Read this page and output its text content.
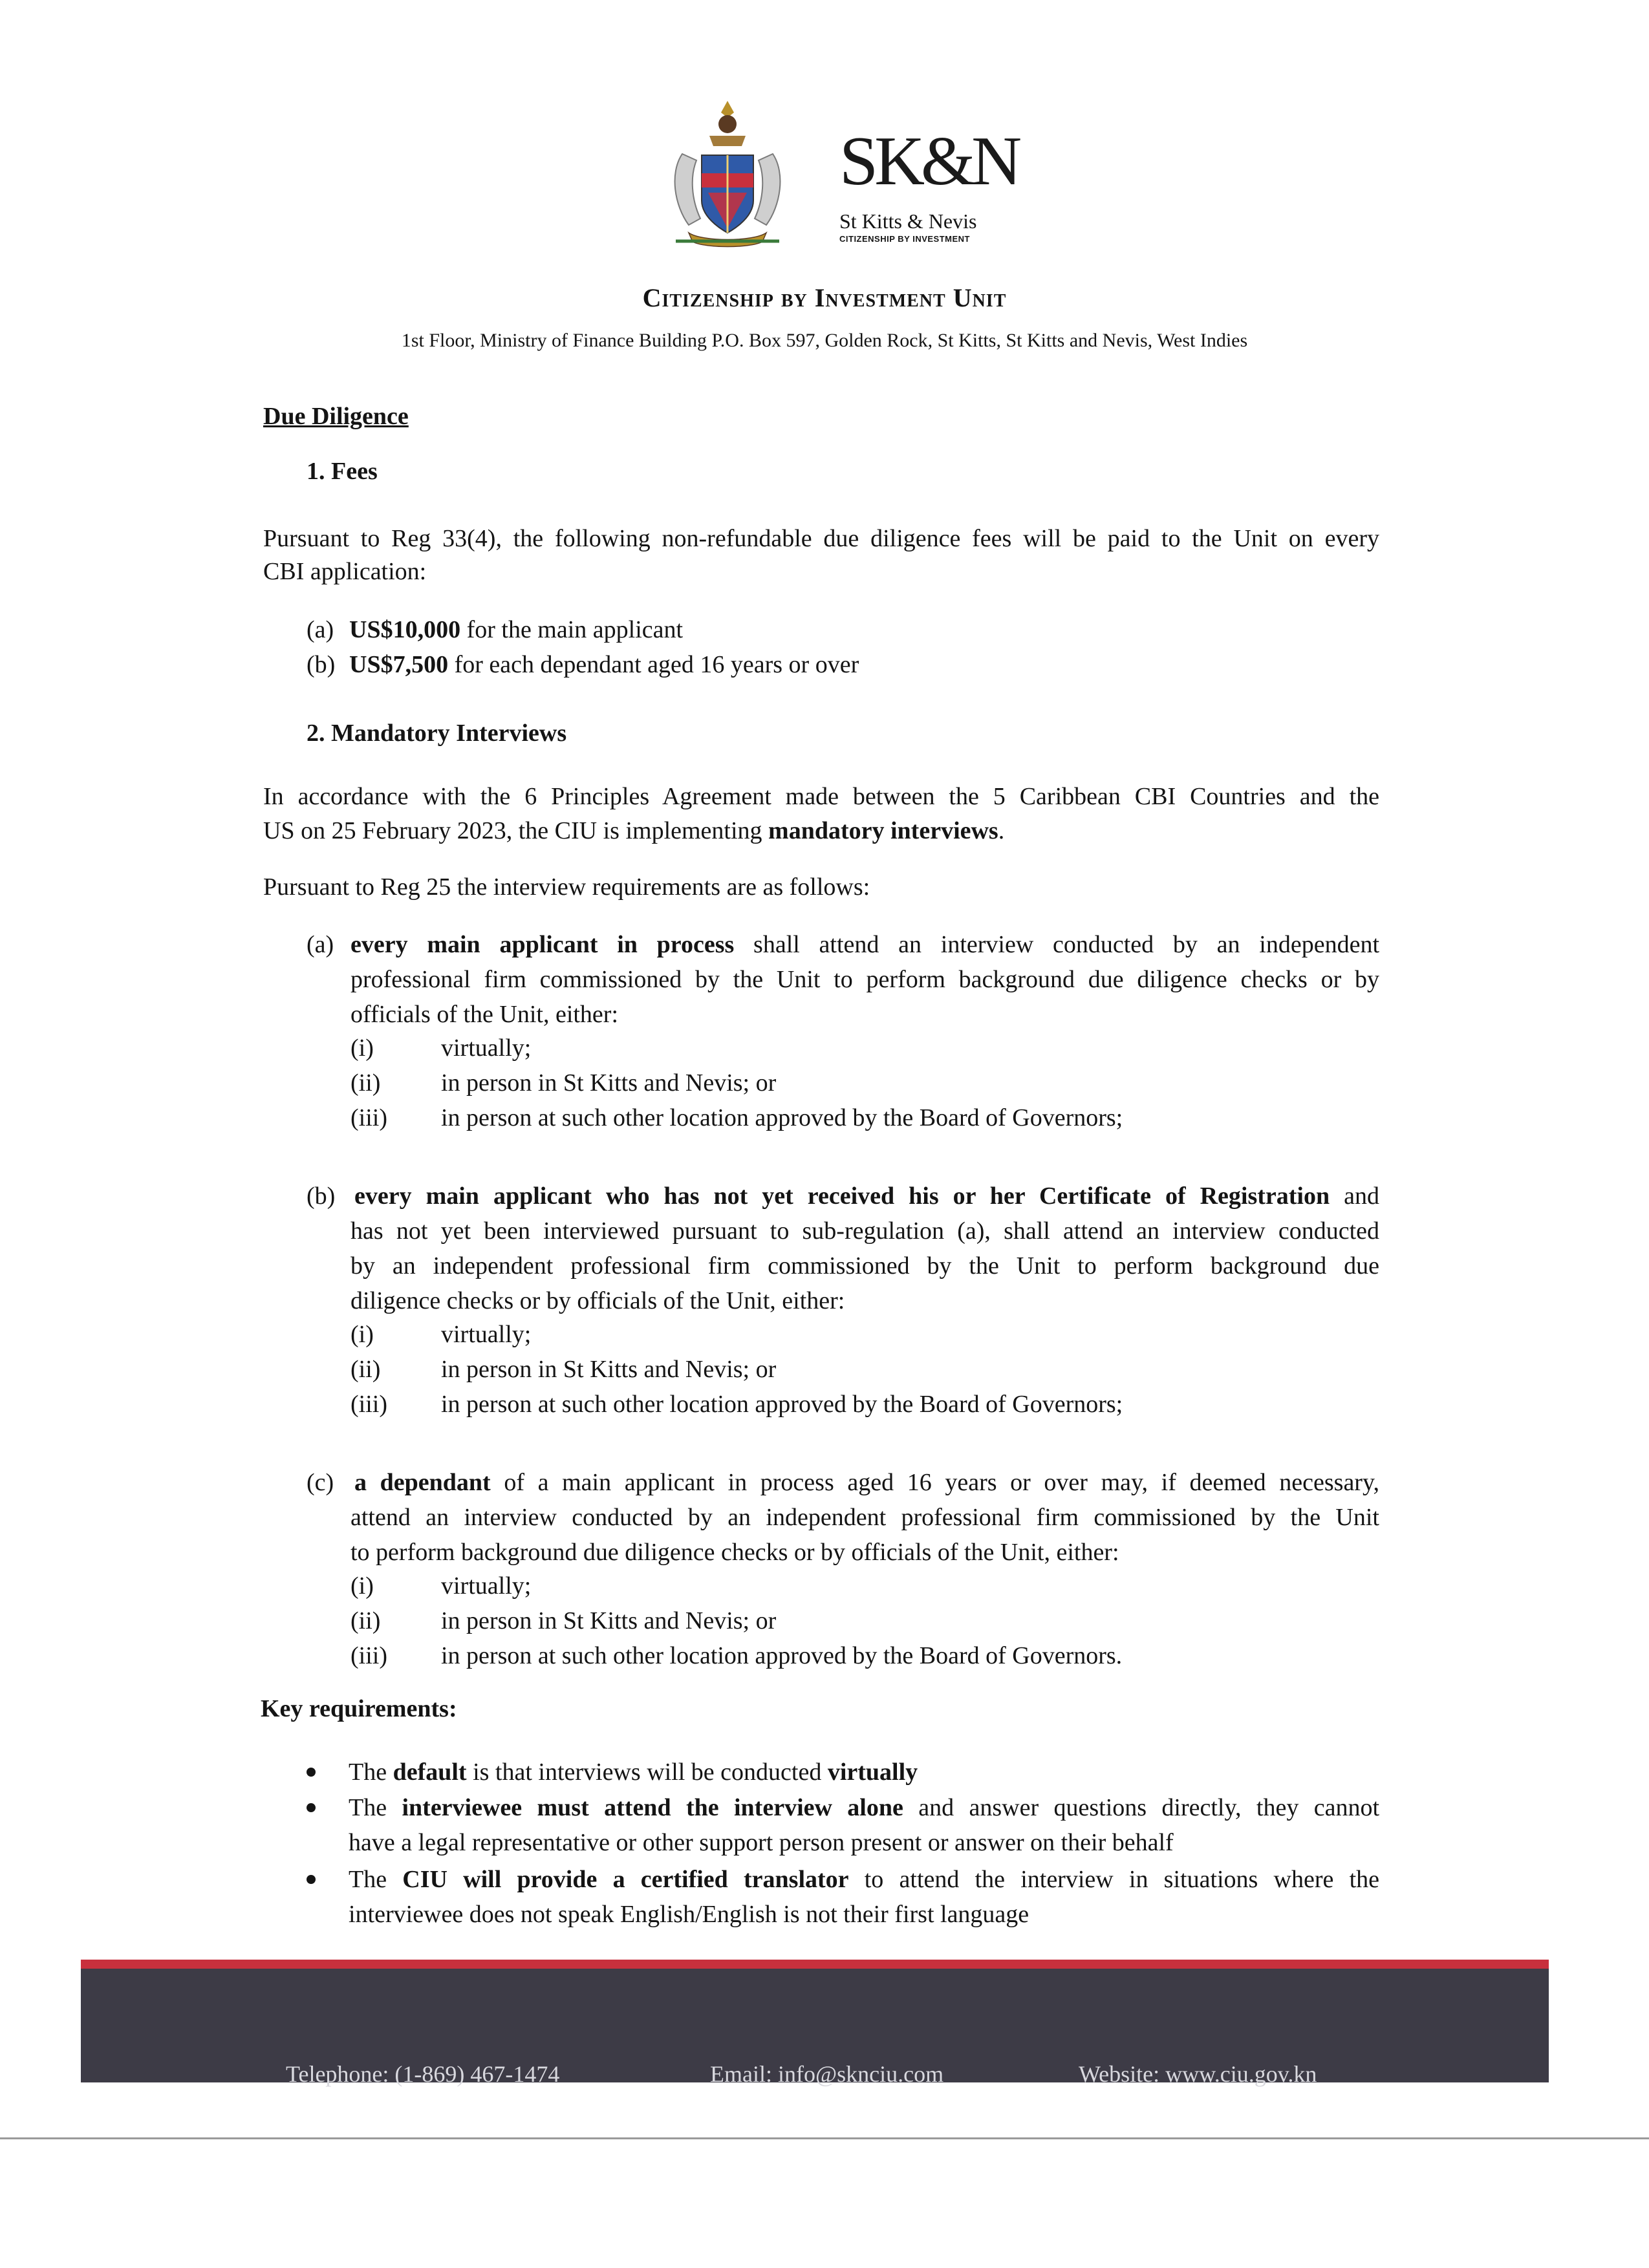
SK&N
St Kitts & Nevis
CITIZENSHIP BY INVESTMENT
Citizenship by Investment Unit
1st Floor, Ministry of Finance Building P.O. Box 597, Golden Rock, St Kitts, St Kitts and Nevis, West Indies
Due Diligence
1. Fees
Pursuant to Reg 33(4), the following non-refundable due diligence fees will be paid to the Unit on every
CBI application:
(a) US$10,000 for the main applicant
(b) US$7,500 for each dependant aged 16 years or over
2. Mandatory Interviews
In accordance with the 6 Principles Agreement made between the 5 Caribbean CBI Countries and the
US on 25 February 2023, the CIU is implementing mandatory interviews.
Pursuant to Reg 25 the interview requirements are as follows:
(a) every main applicant in process shall attend an interview conducted by an independent
professional firm commissioned by the Unit to perform background due diligence checks or by
officials of the Unit, either:
(i)	virtually;
(ii) in person in St Kitts and Nevis; or
(iii) in person at such other location approved by the Board of Governors;
(b) every main applicant who has not yet received his or her Certificate of Registration and
has not yet been interviewed pursuant to sub-regulation (a), shall attend an interview conducted
by an independent professional firm commissioned by the Unit to perform background due
diligence checks or by officials of the Unit, either:
(i)	virtually;
(ii) in person in St Kitts and Nevis; or
(iii) in person at such other location approved by the Board of Governors;
(c) a dependant of a main applicant in process aged 16 years or over may, if deemed necessary,
attend an interview conducted by an independent professional firm commissioned by the Unit
to perform background due diligence checks or by officials of the Unit, either:
(i)	virtually;
(ii) in person in St Kitts and Nevis; or
(iii) in person at such other location approved by the Board of Governors.
Key requirements:
The default is that interviews will be conducted virtually
The interviewee must attend the interview alone and answer questions directly, they cannot
have a legal representative or other support person present or answer on their behalf
The CIU will provide a certified translator to attend the interview in situations where the
interviewee does not speak English/English is not their first language
Telephone: (1-869) 467-1474	Email: info@sknciu.com	Website: www.ciu.gov.kn
